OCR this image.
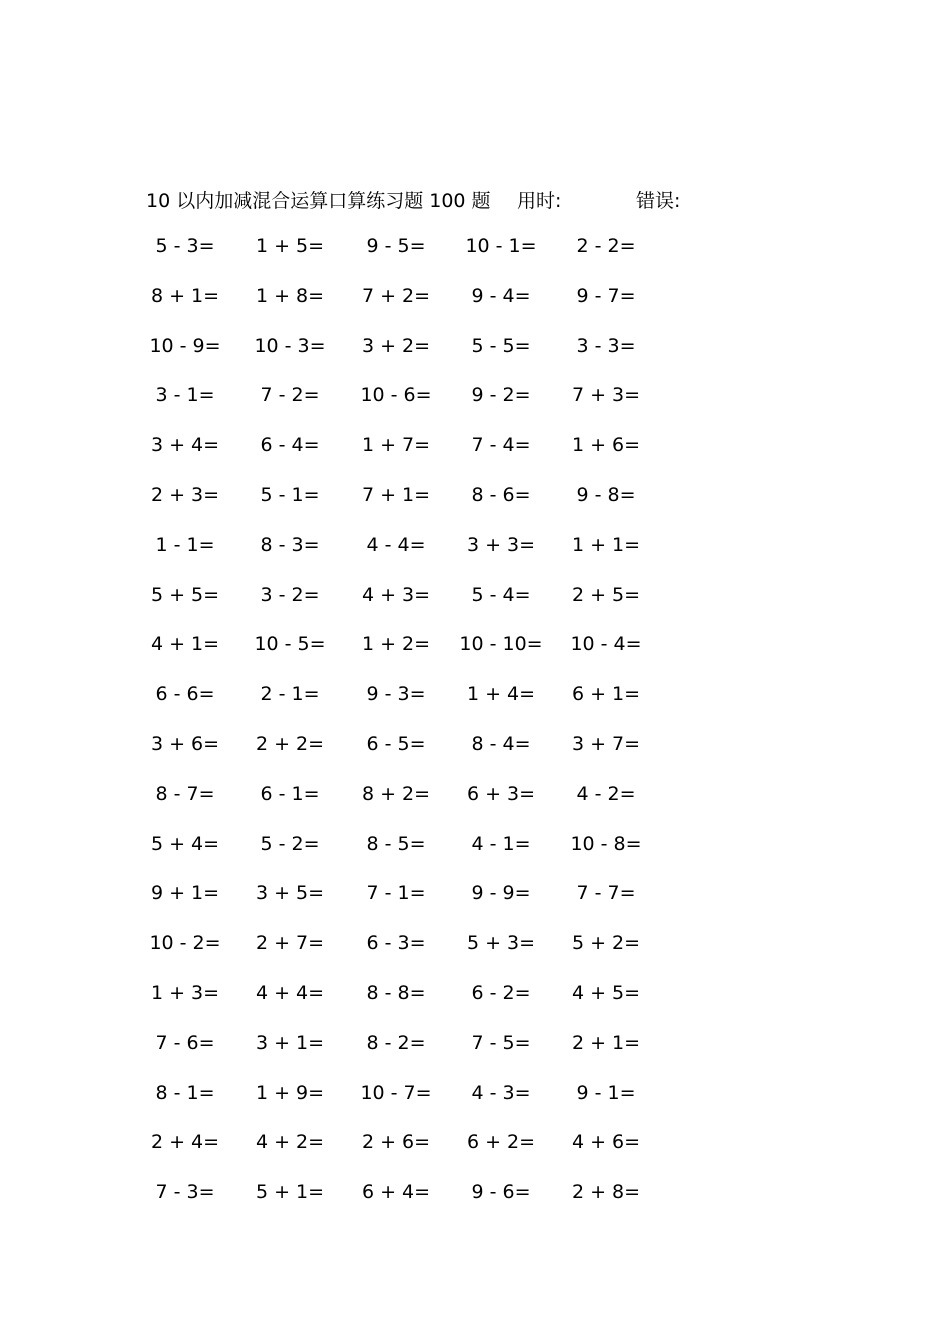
10 以内加减混合运算口算练习题 100 题 用时:	错误:
5 - 3=	1 + 5=	9 - 5=	10 - 1=	2 - 2=
8 + 1=	1 + 8=	7 + 2=	9 - 4=	9 - 7=
10 - 9=	10 - 3=	3 + 2=	5 - 5=	3 - 3=
3 - 1=	7 - 2=	10 - 6=	9 - 2=	7 + 3=
3 + 4=	6 - 4=	1 + 7=	7 - 4=	1 + 6=
2 + 3=	5 - 1=	7 + 1=	8 - 6=	9 - 8=
1 - 1=	8 - 3=	4 - 4=	3 + 3=	1 + 1=
5 + 5=	3 - 2=	4 + 3=	5 - 4=	2 + 5=
4 + 1=	10 - 5=	1 + 2=	10 - 10=	10 - 4=
6 - 6=	2 - 1=	9 - 3=	1 + 4=	6 + 1=
3 + 6=	2 + 2=	6 - 5=	8 - 4=	3 + 7=
8 - 7=	6 - 1=	8 + 2=	6 + 3=	4 - 2=
5 + 4=	5 - 2=	8 - 5=	4 - 1=	10 - 8=
9 + 1=	3 + 5=	7 - 1=	9 - 9=	7 - 7=
10 - 2=	2 + 7=	6 - 3=	5 + 3=	5 + 2=
1 + 3=	4 + 4=	8 - 8=	6 - 2=	4 + 5=
7 - 6=	3 + 1=	8 - 2=	7 - 5=	2 + 1=
8 - 1=	1 + 9=	10 - 7=	4 - 3=	9 - 1=
2 + 4=	4 + 2=	2 + 6=	6 + 2=	4 + 6=
7 - 3=	5 + 1=	6 + 4=	9 - 6=	2 + 8=
